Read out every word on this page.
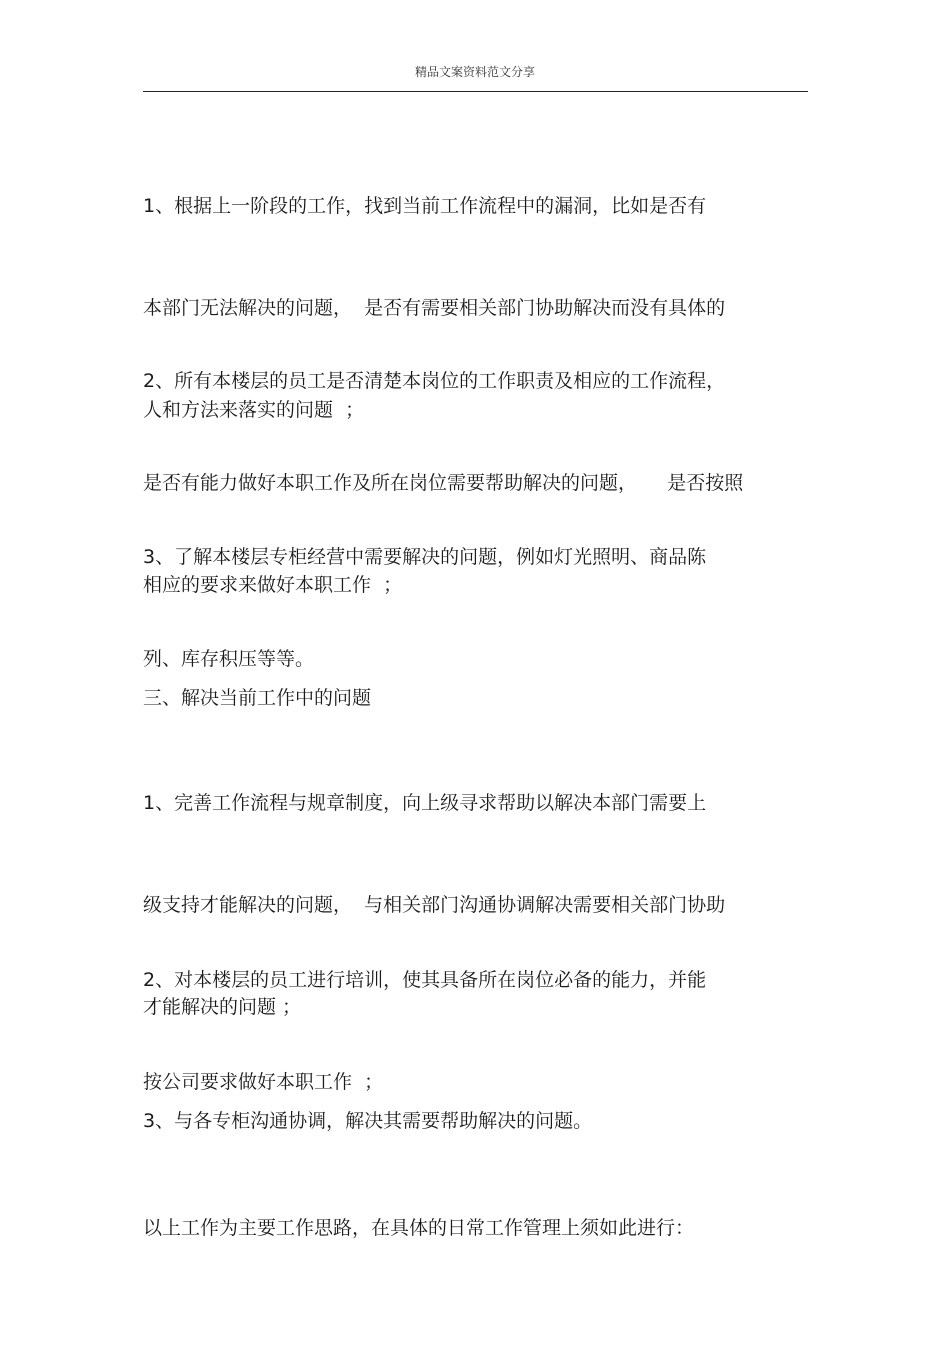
精品文案资料范文分享

1、根据上一阶段的工作，找到当前工作流程中的漏洞，比如是否有

本部门无法解决的问题，  是否有需要相关部门协助解决而没有具体的

人和方法来落实的问题  ；

2、所有本楼层的员工是否清楚本岗位的工作职责及相应的工作流程，

是否有能力做好本职工作及所在岗位需要帮助解决的问题，     是否按照

相应的要求来做好本职工作  ；

3、了解本楼层专柜经营中需要解决的问题，例如灯光照明、商品陈

列、库存积压等等。

三、解决当前工作中的问题

1、完善工作流程与规章制度，向上级寻求帮助以解决本部门需要上

级支持才能解决的问题，  与相关部门沟通协调解决需要相关部门协助

才能解决的问题 ；

2、对本楼层的员工进行培训，使其具备所在岗位必备的能力，并能

按公司要求做好本职工作  ；

3、与各专柜沟通协调，解决其需要帮助解决的问题。

以上工作为主要工作思路，在具体的日常工作管理上须如此进行：
